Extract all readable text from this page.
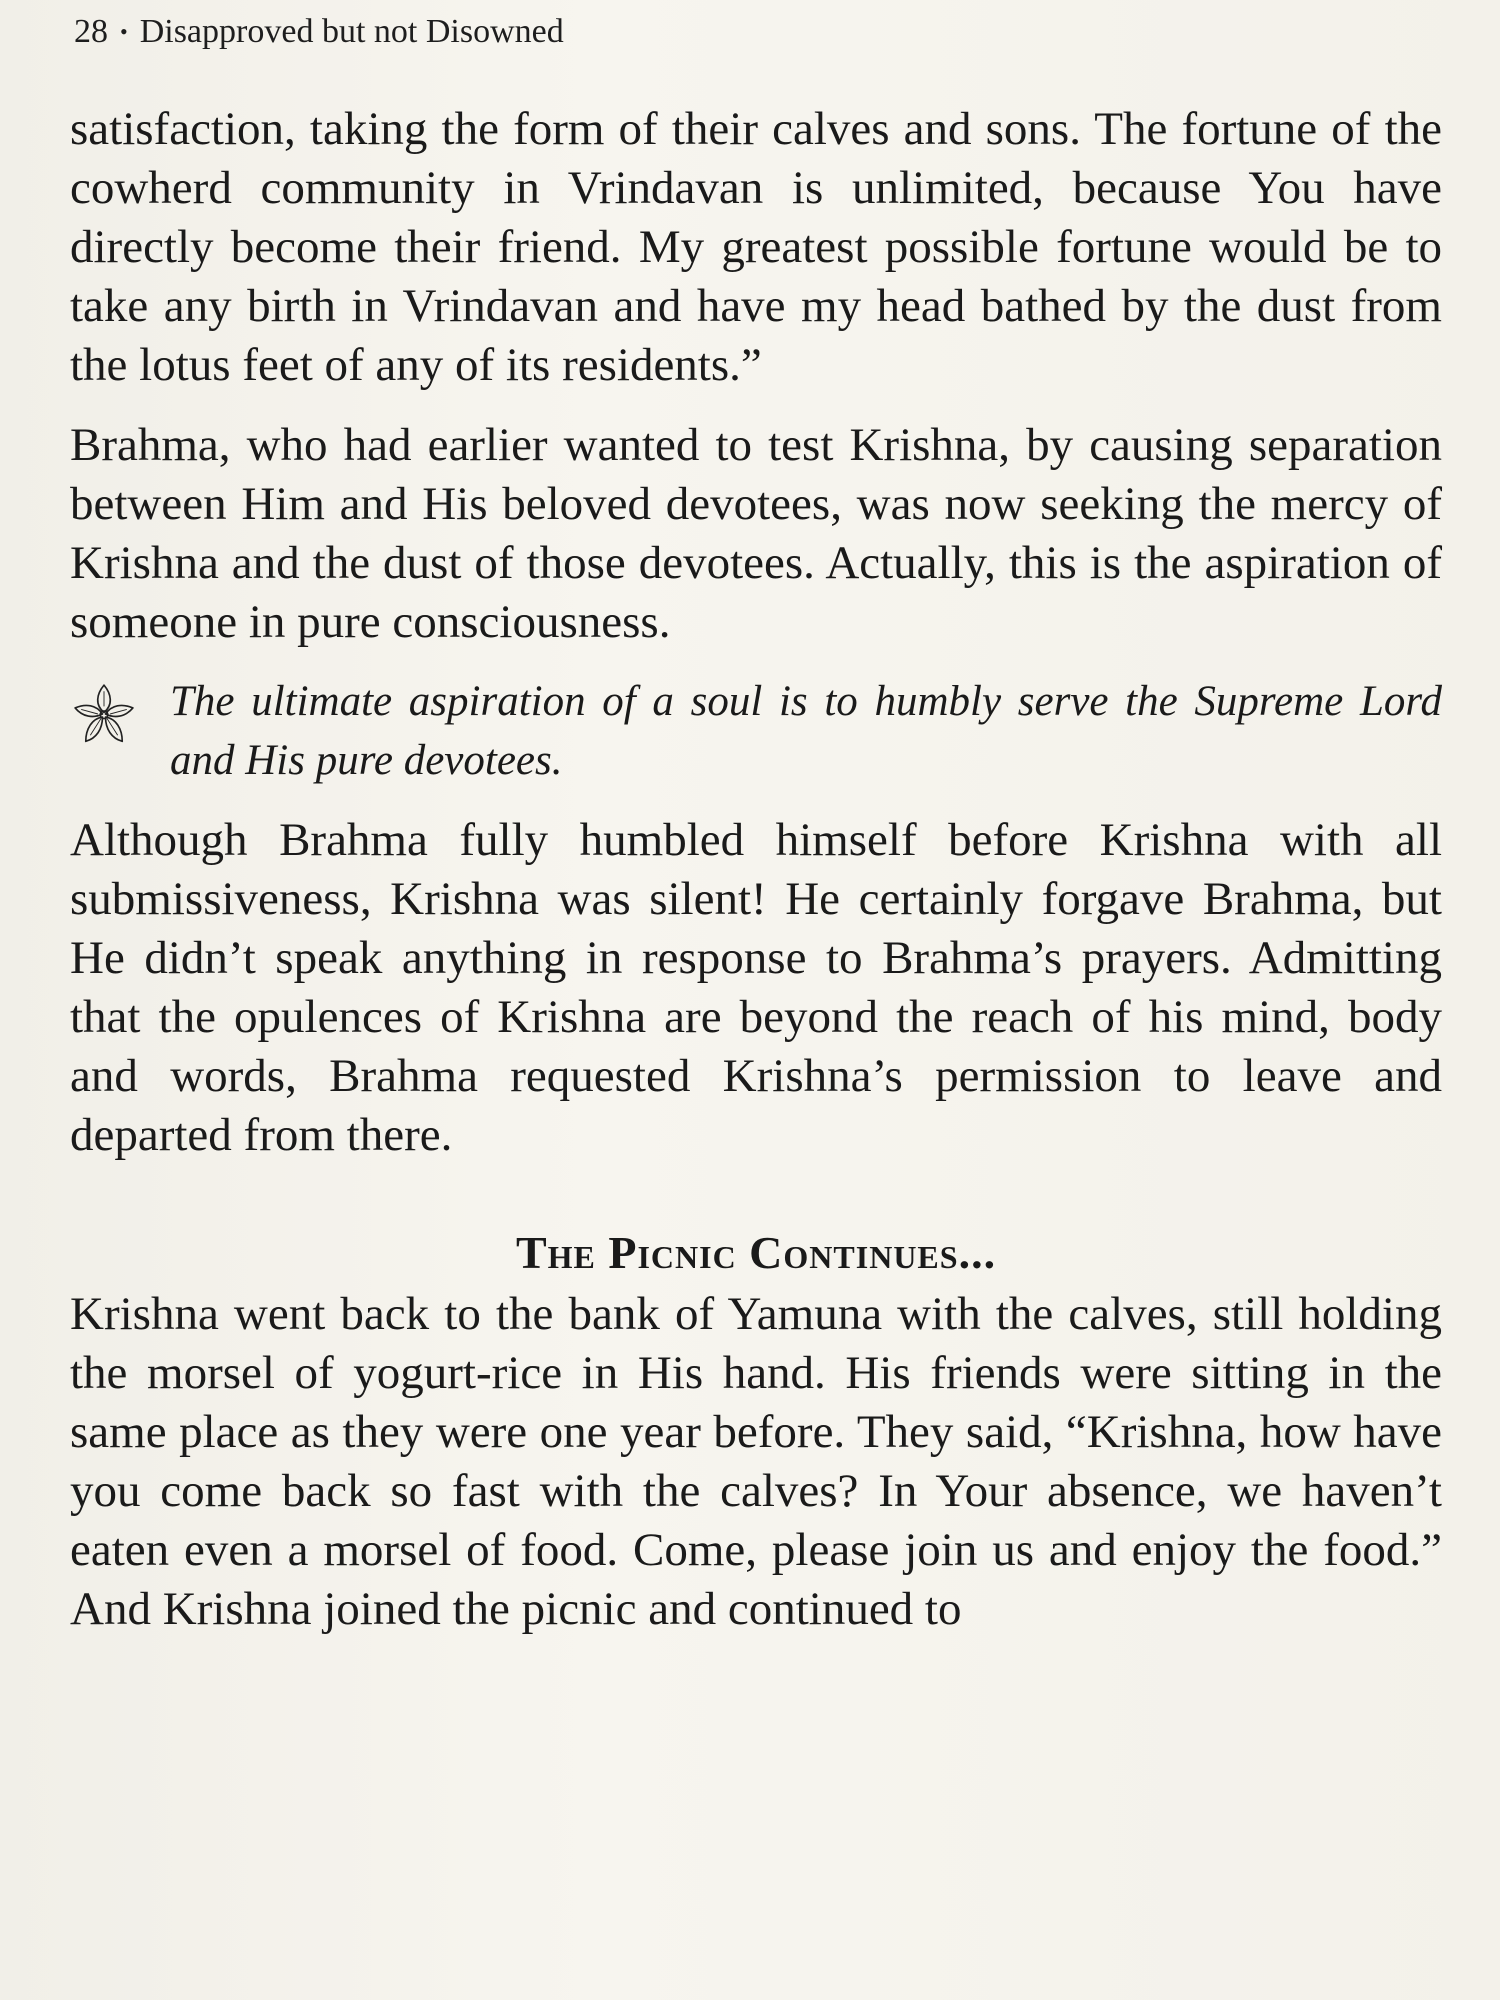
28 • Disapproved but not Disowned

satisfaction, taking the form of their calves and sons. The fortune of the cowherd community in Vrindavan is unlimited, because You have directly become their friend. My greatest possible fortune would be to take any birth in Vrindavan and have my head bathed by the dust from the lotus feet of any of its residents.”

Brahma, who had earlier wanted to test Krishna, by causing separation between Him and His beloved devotees, was now seeking the mercy of Krishna and the dust of those devotees. Actually, this is the aspiration of someone in pure consciousness.

The ultimate aspiration of a soul is to humbly serve the Supreme Lord and His pure devotees.

Although Brahma fully humbled himself before Krishna with all submissiveness, Krishna was silent! He certainly forgave Brahma, but He didn’t speak anything in response to Brahma’s prayers. Admitting that the opulences of Krishna are beyond the reach of his mind, body and words, Brahma requested Krishna’s permission to leave and departed from there.

The Picnic Continues...

Krishna went back to the bank of Yamuna with the calves, still holding the morsel of yogurt-rice in His hand. His friends were sitting in the same place as they were one year before. They said, “Krishna, how have you come back so fast with the calves? In Your absence, we haven’t eaten even a morsel of food. Come, please join us and enjoy the food.” And Krishna joined the picnic and continued to
